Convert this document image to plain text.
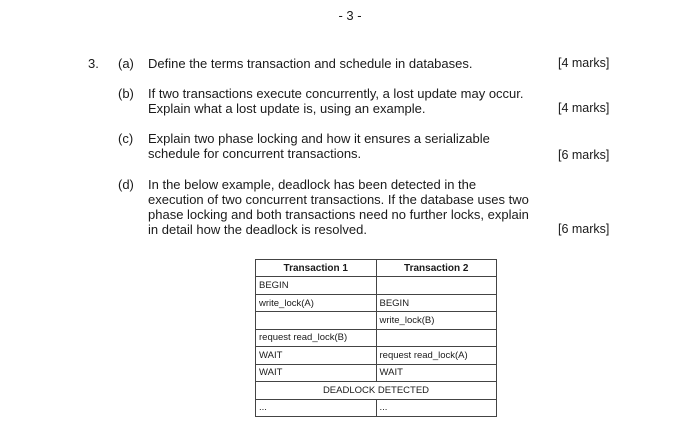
- 3 -
3. (a) Define the terms transaction and schedule in databases.	[4 marks]
(b) If two transactions execute concurrently, a lost update may occur.
Explain what a lost update is, using an example.	[4 marks]
(c) Explain two phase locking and how it ensures a serializable
schedule for concurrent transactions.	[6 marks]
(d) In the below example, deadlock has been detected in the
execution of two concurrent transactions. If the database uses two
phase locking and both transactions need no further locks, explain
in detail how the deadlock is resolved.	[6 marks]
Transaction 1	Transaction 2
BEGIN	
write_lock(A)	BEGIN
	write_lock(B)
request read_lock(B)	
WAIT	request read_lock(A)
WAIT	WAIT
DEADLOCK DETECTED	
...	...
